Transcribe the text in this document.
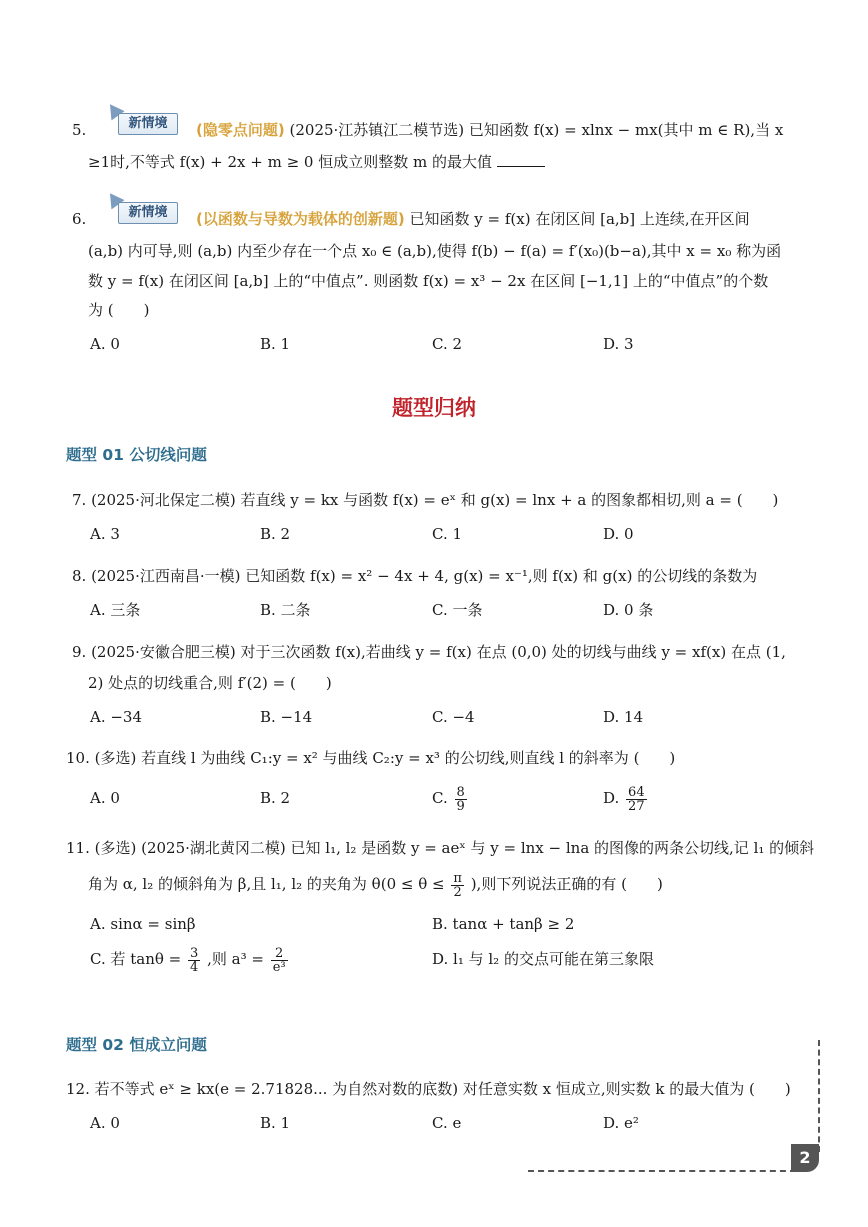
5.	新情境	(隐零点问题) (2025·江苏镇江二模节选) 已知函数 f(x) = xlnx − mx(其中 m ∈ R),当 x
≥1时,不等式 f(x) + 2x + m ≥ 0 恒成立则整数 m 的最大值
6.	新情境	(以函数与导数为载体的创新题) 已知函数 y = f(x) 在闭区间 [a,b] 上连续,在开区间
(a,b) 内可导,则 (a,b) 内至少存在一个点 x₀ ∈ (a,b),使得 f(b) − f(a) = f′(x₀)(b−a),其中 x = x₀ 称为函
数 y = f(x) 在闭区间 [a,b] 上的“中值点”. 则函数 f(x) = x³ − 2x 在区间 [−1,1] 上的“中值点”的个数
为 (　　)
A. 0	B. 1	C. 2	D. 3
题型归纳
题型 01 公切线问题
7. (2025·河北保定二模) 若直线 y = kx 与函数 f(x) = eˣ 和 g(x) = lnx + a 的图象都相切,则 a = (　　)
A. 3	B. 2	C. 1	D. 0
8. (2025·江西南昌·一模) 已知函数 f(x) = x² − 4x + 4, g(x) = x⁻¹,则 f(x) 和 g(x) 的公切线的条数为
A. 三条	B. 二条	C. 一条	D. 0 条
9. (2025·安徽合肥三模) 对于三次函数 f(x),若曲线 y = f(x) 在点 (0,0) 处的切线与曲线 y = xf(x) 在点 (1,
2) 处点的切线重合,则 f′(2) = (　　)
A. −34	B. −14	C. −4	D. 14
10. (多选) 若直线 l 为曲线 C₁:y = x² 与曲线 C₂:y = x³ 的公切线,则直线 l 的斜率为 (　　)
A. 0	B. 2	C. $\frac{8}{9}$	D. $\frac{64}{27}$
11. (多选) (2025·湖北黄冈二模) 已知 l₁, l₂ 是函数 y = aeˣ 与 y = lnx − lna 的图像的两条公切线,记 l₁ 的倾斜
角为 α, l₂ 的倾斜角为 β,且 l₁, l₂ 的夹角为 $\theta(0 \le \theta \le \frac{\pi}{2}$ ),则下列说法正确的有 (　　)
A. sinα = sinβ	B. tanα + tanβ ≥ 2
C. 若 $\tan\theta = \frac{3}{4}$ ,则 $a^3 = \frac{2}{\text{e³}}$	D. l₁ 与 l₂ 的交点可能在第三象限
题型 02 恒成立问题
12. 若不等式 eˣ ≥ kx(e = 2.71828... 为自然对数的底数) 对任意实数 x 恒成立,则实数 k 的最大值为 (　　)
A. 0	B. 1	C. e	D. e²
2
